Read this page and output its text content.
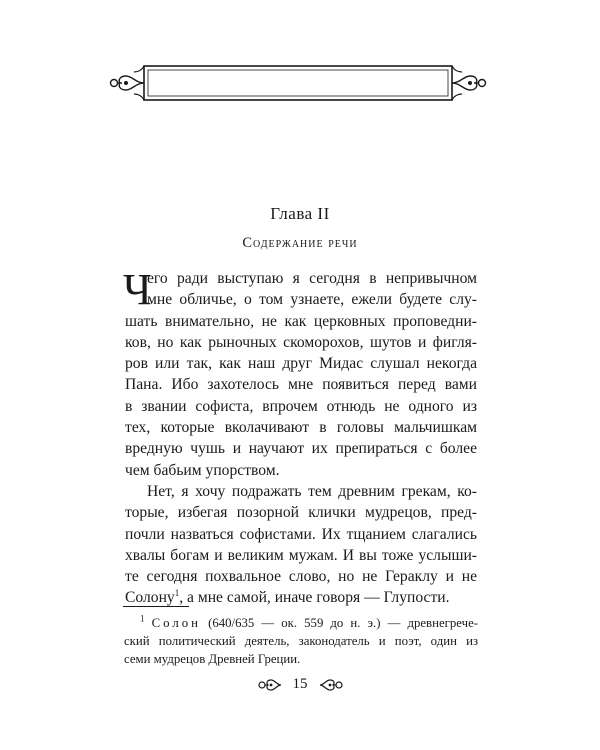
Глава II
Содержание речи
Ч
его ради выступаю я сегодня в непривычном
мне обличье, о том узнаете, ежели будете слу-
шать внимательно, не как церковных проповедни-
ков, но как рыночных скоморохов, шутов и фигля-
ров или так, как наш друг Мидас слушал некогда
Пана. Ибо захотелось мне появиться перед вами
в звании софиста, впрочем отнюдь не одного из
тех, которые вколачивают в головы мальчишкам
вредную чушь и научают их препираться с более
чем бабьим упорством.
Нет, я хочу подражать тем древним грекам, ко-
торые, избегая позорной клички мудрецов, пред-
почли назваться софистами. Их тщанием слагались
хвалы богам и великим мужам. И вы тоже услыши-
те сегодня похвальное слово, но не Гераклу и не
Солону$^1$, а мне самой, иначе говоря — Глупости.
$^1$ Солон (640/635 — ок. 559 до н. э.) — древнегрече-
ский политический деятель, законодатель и поэт, один из
семи мудрецов Древней Греции.
15
